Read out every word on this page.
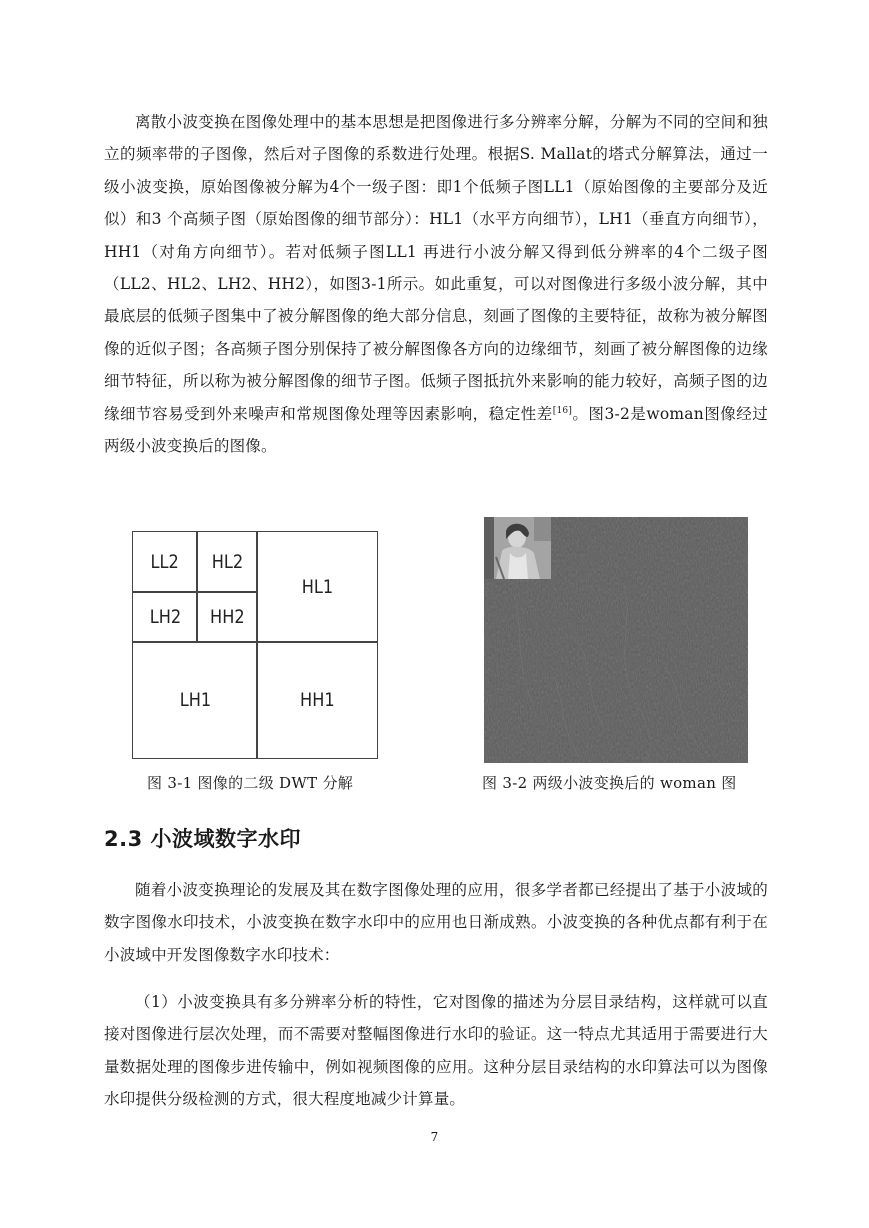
离散小波变换在图像处理中的基本思想是把图像进行多分辨率分解，分解为不同的空间和独立的频率带的子图像，然后对子图像的系数进行处理。根据S. Mallat的塔式分解算法，通过一级小波变换，原始图像被分解为4个一级子图：即1个低频子图LL1（原始图像的主要部分及近似）和3 个高频子图（原始图像的细节部分）：HL1（水平方向细节），LH1（垂直方向细节），HH1（对角方向细节）。若对低频子图LL1 再进行小波分解又得到低分辨率的4个二级子图（LL2、HL2、LH2、HH2），如图3-1所示。如此重复，可以对图像进行多级小波分解，其中最底层的低频子图集中了被分解图像的绝大部分信息，刻画了图像的主要特征，故称为被分解图像的近似子图；各高频子图分别保持了被分解图像各方向的边缘细节，刻画了被分解图像的边缘细节特征，所以称为被分解图像的细节子图。低频子图抵抗外来影响的能力较好，高频子图的边缘细节容易受到外来噪声和常规图像处理等因素影响，稳定性差[16]。图3-2是woman图像经过两级小波变换后的图像。

LL2 HL2
LH2 HH2
HL1
LH1	HH1
图 3-1 图像的二级 DWT 分解	图 3-2 两级小波变换后的 woman 图
2.3 小波域数字水印

随着小波变换理论的发展及其在数字图像处理的应用，很多学者都已经提出了基于小波域的数字图像水印技术，小波变换在数字水印中的应用也日渐成熟。小波变换的各种优点都有利于在小波域中开发图像数字水印技术：

（1）小波变换具有多分辨率分析的特性，它对图像的描述为分层目录结构，这样就可以直接对图像进行层次处理，而不需要对整幅图像进行水印的验证。这一特点尤其适用于需要进行大量数据处理的图像步进传输中，例如视频图像的应用。这种分层目录结构的水印算法可以为图像水印提供分级检测的方式，很大程度地减少计算量。

7
